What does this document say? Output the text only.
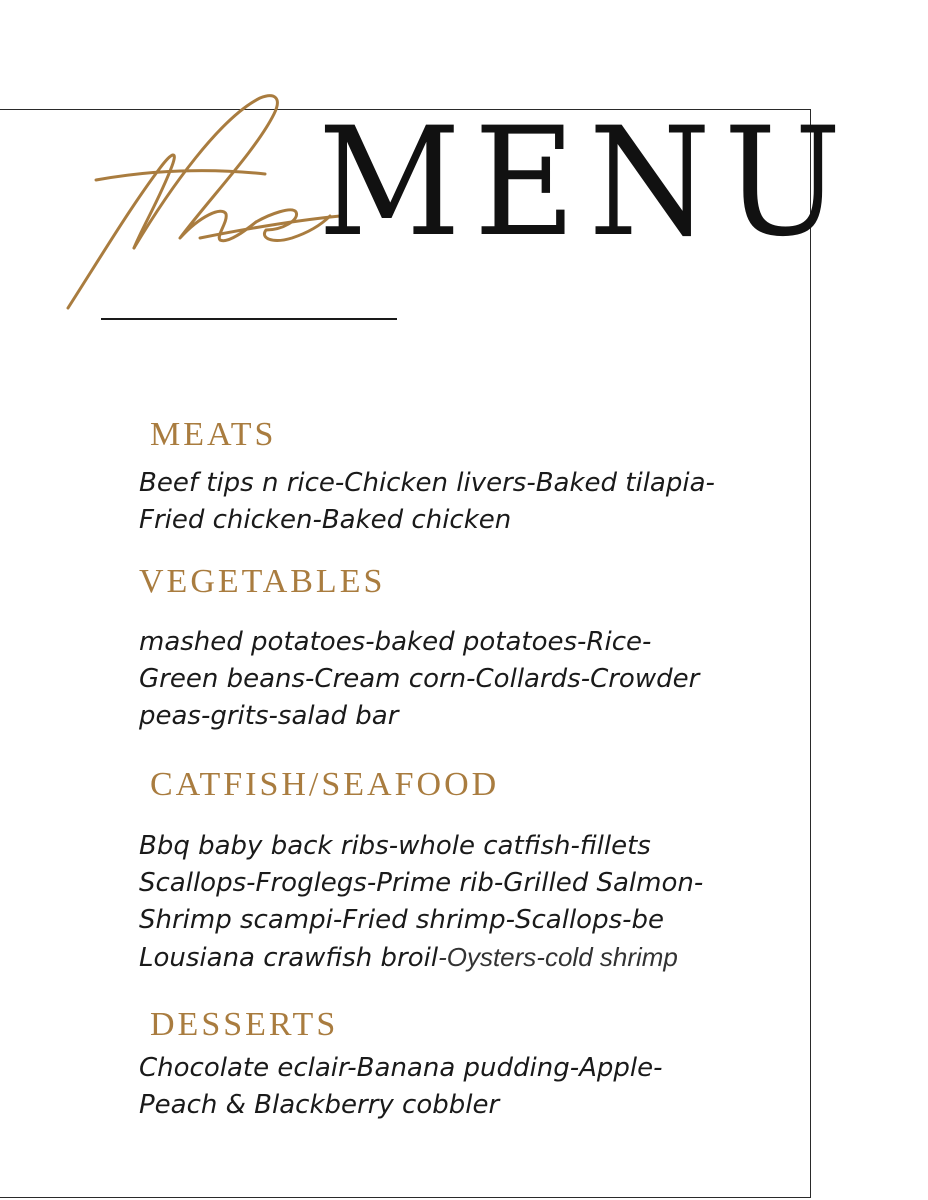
MENU
MEATS

Beef tips n rice-Chicken livers-Baked tilapia-
Fried chicken-Baked chicken

VEGETABLES

mashed potatoes-baked potatoes-Rice-
Green beans-Cream corn-Collards-Crowder
peas-grits-salad bar

CATFISH/SEAFOOD

Bbq baby back ribs-whole catfish-fillets
Scallops-Froglegs-Prime rib-Grilled Salmon-
Shrimp scampi-Fried shrimp-Scallops-be
Lousiana crawfish broil-Oysters-cold shrimp

DESSERTS

Chocolate eclair-Banana pudding-Apple-
Peach & Blackberry cobbler
